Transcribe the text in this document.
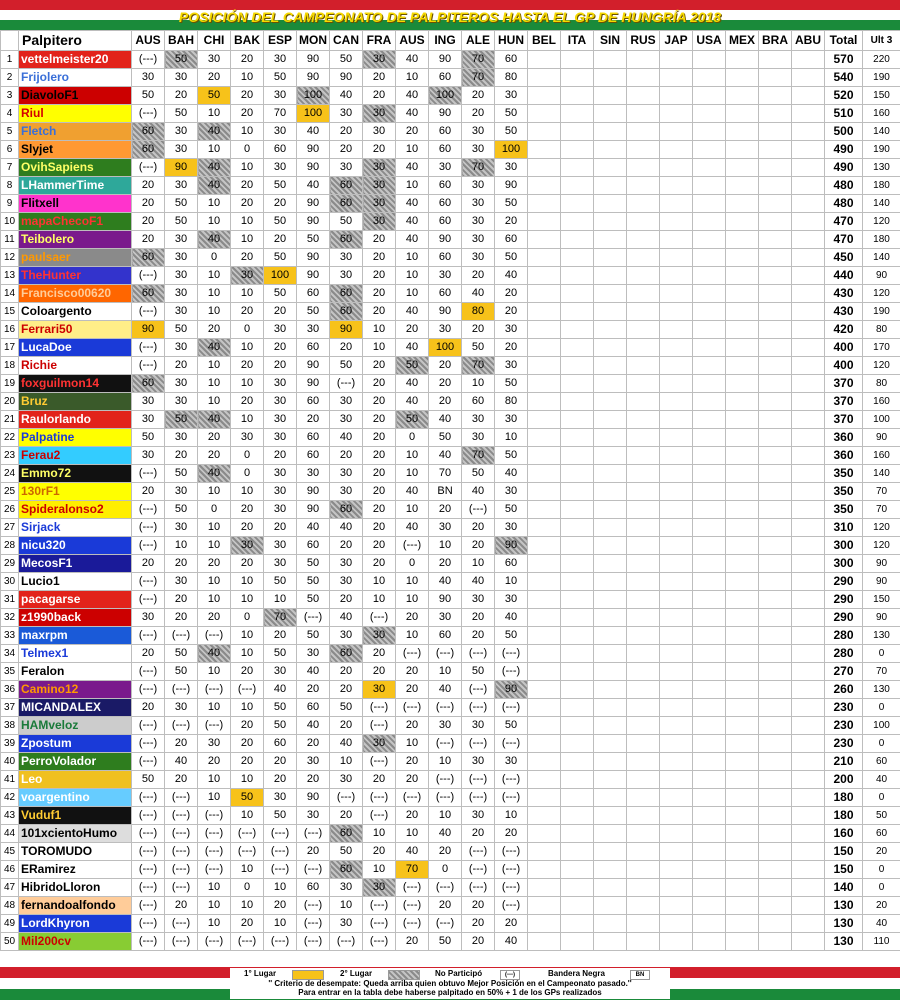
POSICIÓN DEL CAMPEONATO DE PALPITEROS HASTA EL GP DE HUNGRÍA 2018
	Palpitero	AUS	BAH	CHI	BAK	ESP	MON	CAN	FRA	AUS	ING	ALE	HUN	BEL	ITA	SIN	RUS	JAP	USA	MEX	BRA	ABU	Total	Ult 3
1	vettelmeister20	(---)	50	30	20	30	90	50	30	40	90	70	60										570	220
2	Frijolero	30	30	20	10	50	90	90	20	10	60	70	80										540	190
3	DiavoloF1	50	20	50	20	30	100	40	20	40	100	20	30										520	150
4	Riul	(---)	50	10	20	70	100	30	30	40	90	20	50										510	160
5	Fletch	60	30	40	10	30	40	20	30	20	60	30	50										500	140
6	Slyjet	60	30	10	0	60	90	20	20	10	60	30	100										490	190
7	OvihSapiens	(---)	90	40	10	30	90	30	30	40	30	70	30										490	130
8	LHammerTime	20	30	40	20	50	40	60	30	10	60	30	90										480	180
9	Flitxell	20	50	10	20	20	90	60	30	40	60	30	50										480	140
10	mapaChecoF1	20	50	10	10	50	90	50	30	40	60	30	20										470	120
11	Teibolero	20	30	40	10	20	50	60	20	40	90	30	60										470	180
12	paulsaer	60	30	0	20	50	90	30	20	10	60	30	50										450	140
13	TheHunter	(---)	30	10	30	100	90	30	20	10	30	20	40										440	90
14	Francisco00620	60	30	10	10	50	60	60	20	10	60	40	20										430	120
15	Coloargento	(---)	30	10	20	20	50	60	20	40	90	80	20										430	190
16	Ferrari50	90	50	20	0	30	30	90	10	20	30	20	30										420	80
17	LucaDoe	(---)	30	40	10	20	60	20	10	40	100	50	20										400	170
18	Richie	(---)	20	10	20	20	90	50	20	50	20	70	30										400	120
19	foxguilmon14	60	30	10	10	30	90	(---)	20	40	20	10	50										370	80
20	Bruz	30	30	10	20	30	60	30	20	40	20	60	80										370	160
21	Raulorlando	30	50	40	10	30	20	30	20	50	40	30	30										370	100
22	Palpatine	50	30	20	30	30	60	40	20	0	50	30	10										360	90
23	Ferau2	30	20	20	0	20	60	20	20	10	40	70	50										360	160
24	Emmo72	(---)	50	40	0	30	30	30	20	10	70	50	40										350	140
25	130rF1	20	30	10	10	30	90	30	20	40	BN	40	30										350	70
26	Spideralonso2	(---)	50	0	20	30	90	60	20	10	20	(---)	50										350	70
27	Sirjack	(---)	30	10	20	20	40	40	20	40	30	20	30										310	120
28	nicu320	(---)	10	10	30	30	60	20	20	(---)	10	20	90										300	120
29	MecosF1	20	20	20	20	30	50	30	20	0	20	10	60										300	90
30	Lucio1	(---)	30	10	10	50	50	30	10	10	40	40	10										290	90
31	pacagarse	(---)	20	10	10	10	50	20	10	10	90	30	30										290	150
32	z1990back	30	20	20	0	70	(---)	40	(---)	20	30	20	40										290	90
33	maxrpm	(---)	(---)	(---)	10	20	50	30	30	10	60	20	50										280	130
34	Telmex1	20	50	40	10	50	30	60	20	(---)	(---)	(---)	(---)										280	0
35	Feralon	(---)	50	10	20	30	40	20	20	20	10	50	(---)										270	70
36	Camino12	(---)	(---)	(---)	(---)	40	20	20	30	20	40	(---)	90										260	130
37	MICANDALEX	20	30	10	10	50	60	50	(---)	(---)	(---)	(---)	(---)										230	0
38	HAMveloz	(---)	(---)	(---)	20	50	40	20	(---)	20	30	30	50										230	100
39	Zpostum	(---)	20	30	20	60	20	40	30	10	(---)	(---)	(---)										230	0
40	PerroVolador	(---)	40	20	20	20	30	10	(---)	20	10	30	30										210	60
41	Leo	50	20	10	10	20	20	30	20	20	(---)	(---)	(---)										200	40
42	voargentino	(---)	(---)	10	50	30	90	(---)	(---)	(---)	(---)	(---)	(---)										180	0
43	Vuduf1	(---)	(---)	(---)	10	50	30	20	(---)	20	10	30	10										180	50
44	101xcientoHumo	(---)	(---)	(---)	(---)	(---)	(---)	60	10	10	40	20	20										160	60
45	TOROMUDO	(---)	(---)	(---)	(---)	(---)	20	50	20	40	20	(---)	(---)										150	20
46	ERamirez	(---)	(---)	(---)	10	(---)	(---)	60	10	70	0	(---)	(---)										150	0
47	HibridoLloron	(---)	(---)	10	0	10	60	30	30	(---)	(---)	(---)	(---)										140	0
48	fernandoalfondo	(---)	20	10	10	20	(---)	10	(---)	(---)	20	20	(---)										130	20
49	LordKhyron	(---)	(---)	10	20	10	(---)	30	(---)	(---)	(---)	20	20										130	40
50	Mil200cv	(---)	(---)	(---)	(---)	(---)	(---)	(---)	(---)	20	50	20	40										130	110
1° Lugar	2° Lugar	No Participó	(---)	Bandera Negra	BN
'' Criterio de desempate: Queda arriba quien obtuvo Mejor Posición en el Campeonato pasado.''
Para entrar en la tabla debe haberse palpitado en 50% + 1 de los GPs realizados
